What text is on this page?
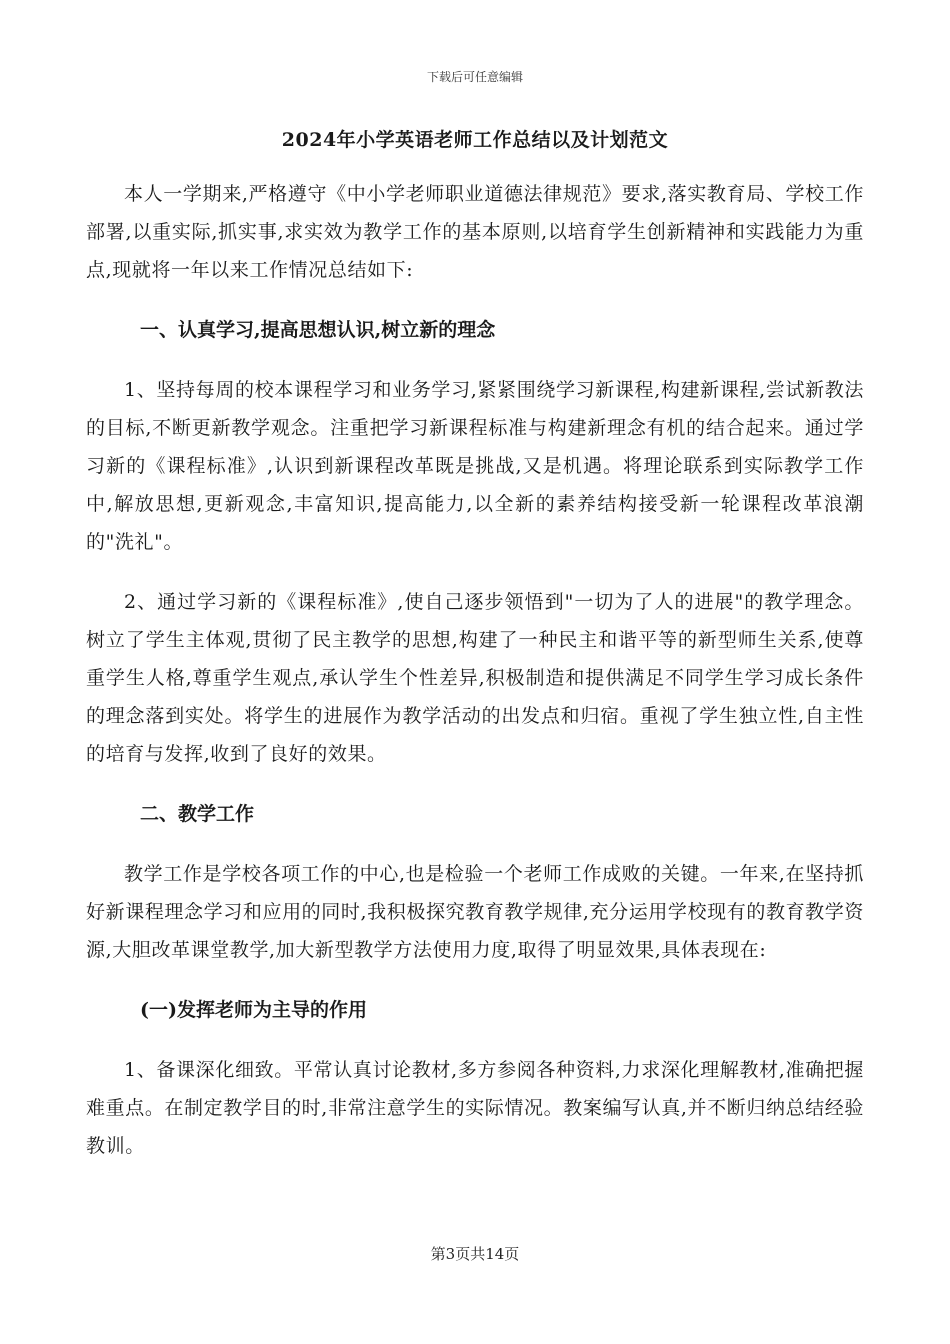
下载后可任意编辑
2024年小学英语老师工作总结以及计划范文

本人一学期来,严格遵守《中小学老师职业道德法律规范》要求,落实教育局、学校工作部署,以重实际,抓实事,求实效为教学工作的基本原则,以培育学生创新精神和实践能力为重点,现就将一年以来工作情况总结如下:

一、认真学习,提高思想认识,树立新的理念

1、坚持每周的校本课程学习和业务学习,紧紧围绕学习新课程,构建新课程,尝试新教法的目标,不断更新教学观念。注重把学习新课程标准与构建新理念有机的结合起来。通过学习新的《课程标准》,认识到新课程改革既是挑战,又是机遇。将理论联系到实际教学工作中,解放思想,更新观念,丰富知识,提高能力,以全新的素养结构接受新一轮课程改革浪潮的"洗礼"。

2、通过学习新的《课程标准》,使自己逐步领悟到"一切为了人的进展"的教学理念。树立了学生主体观,贯彻了民主教学的思想,构建了一种民主和谐平等的新型师生关系,使尊重学生人格,尊重学生观点,承认学生个性差异,积极制造和提供满足不同学生学习成长条件的理念落到实处。将学生的进展作为教学活动的出发点和归宿。重视了学生独立性,自主性的培育与发挥,收到了良好的效果。

二、教学工作

教学工作是学校各项工作的中心,也是检验一个老师工作成败的关键。一年来,在坚持抓好新课程理念学习和应用的同时,我积极探究教育教学规律,充分运用学校现有的教育教学资源,大胆改革课堂教学,加大新型教学方法使用力度,取得了明显效果,具体表现在:

(一)发挥老师为主导的作用

1、备课深化细致。平常认真讨论教材,多方参阅各种资料,力求深化理解教材,准确把握难重点。在制定教学目的时,非常注意学生的实际情况。教案编写认真,并不断归纳总结经验教训。

第3页共14页
